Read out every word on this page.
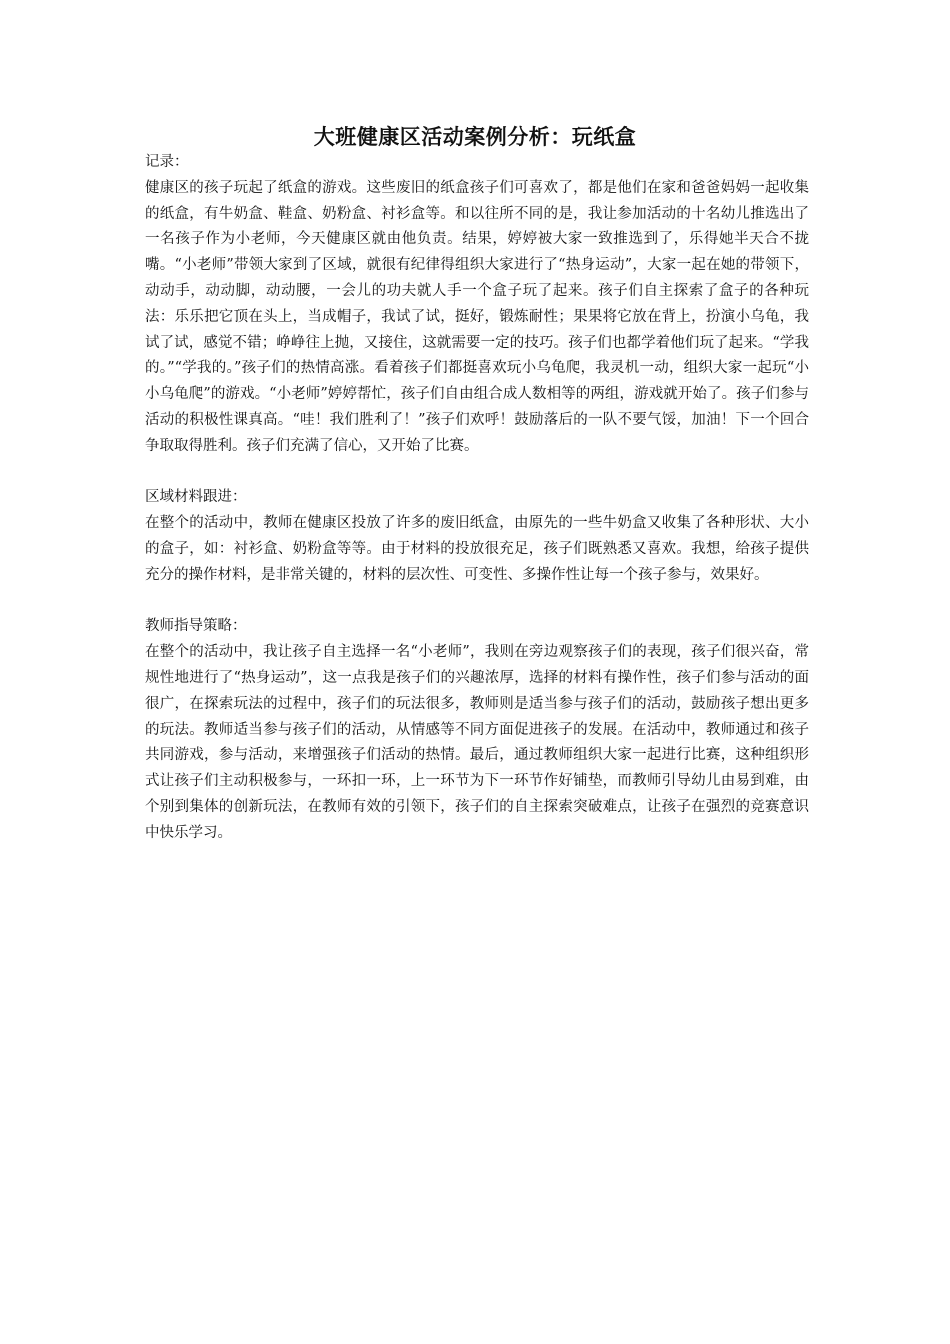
大班健康区活动案例分析：玩纸盒

记录：

健康区的孩子玩起了纸盒的游戏。这些废旧的纸盒孩子们可喜欢了，都是他们在家和爸爸妈妈一起收集的纸盒，有牛奶盒、鞋盒、奶粉盒、衬衫盒等。和以往所不同的是，我让参加活动的十名幼儿推选出了一名孩子作为小老师，今天健康区就由他负责。结果，婷婷被大家一致推选到了，乐得她半天合不拢嘴。“小老师”带领大家到了区域，就很有纪律得组织大家进行了“热身运动”，大家一起在她的带领下，动动手，动动脚，动动腰，一会儿的功夫就人手一个盒子玩了起来。孩子们自主探索了盒子的各种玩法：乐乐把它顶在头上，当成帽子，我试了试，挺好，锻炼耐性；果果将它放在背上，扮演小乌龟，我试了试，感觉不错；峥峥往上抛，又接住，这就需要一定的技巧。孩子们也都学着他们玩了起来。“学我的。”“学我的。”孩子们的热情高涨。看着孩子们都挺喜欢玩小乌龟爬，我灵机一动，组织大家一起玩“小小乌龟爬”的游戏。“小老师”婷婷帮忙，孩子们自由组合成人数相等的两组，游戏就开始了。孩子们参与活动的积极性课真高。“哇！我们胜利了！”孩子们欢呼！鼓励落后的一队不要气馁，加油！下一个回合争取取得胜利。孩子们充满了信心，又开始了比赛。

区域材料跟进：

在整个的活动中，教师在健康区投放了许多的废旧纸盒，由原先的一些牛奶盒又收集了各种形状、大小的盒子，如：衬衫盒、奶粉盒等等。由于材料的投放很充足，孩子们既熟悉又喜欢。我想，给孩子提供充分的操作材料，是非常关键的，材料的层次性、可变性、多操作性让每一个孩子参与，效果好。

教师指导策略：

在整个的活动中，我让孩子自主选择一名“小老师”，我则在旁边观察孩子们的表现，孩子们很兴奋，常规性地进行了“热身运动”，这一点我是孩子们的兴趣浓厚，选择的材料有操作性，孩子们参与活动的面很广，在探索玩法的过程中，孩子们的玩法很多，教师则是适当参与孩子们的活动，鼓励孩子想出更多的玩法。教师适当参与孩子们的活动，从情感等不同方面促进孩子的发展。在活动中，教师通过和孩子共同游戏，参与活动，来增强孩子们活动的热情。最后，通过教师组织大家一起进行比赛，这种组织形式让孩子们主动积极参与，一环扣一环，上一环节为下一环节作好铺垫，而教师引导幼儿由易到难，由个别到集体的创新玩法，在教师有效的引领下，孩子们的自主探索突破难点，让孩子在强烈的竞赛意识中快乐学习。
